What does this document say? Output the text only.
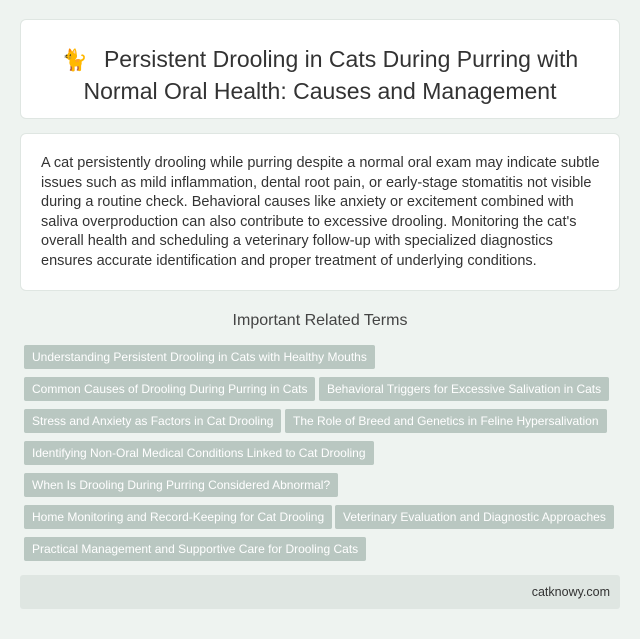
🐈 Persistent Drooling in Cats During Purring with Normal Oral Health: Causes and Management

A cat persistently drooling while purring despite a normal oral exam may indicate subtle issues such as mild inflammation, dental root pain, or early-stage stomatitis not visible during a routine check. Behavioral causes like anxiety or excitement combined with saliva overproduction can also contribute to excessive drooling. Monitoring the cat's overall health and scheduling a veterinary follow-up with specialized diagnostics ensures accurate identification and proper treatment of underlying conditions.

Important Related Terms
Understanding Persistent Drooling in Cats with Healthy Mouths
Common Causes of Drooling During Purring in Cats	Behavioral Triggers for Excessive Salivation in Cats
Stress and Anxiety as Factors in Cat Drooling	The Role of Breed and Genetics in Feline Hypersalivation
Identifying Non-Oral Medical Conditions Linked to Cat Drooling
When Is Drooling During Purring Considered Abnormal?
Home Monitoring and Record-Keeping for Cat Drooling	Veterinary Evaluation and Diagnostic Approaches
Practical Management and Supportive Care for Drooling Cats
catknowy.com
